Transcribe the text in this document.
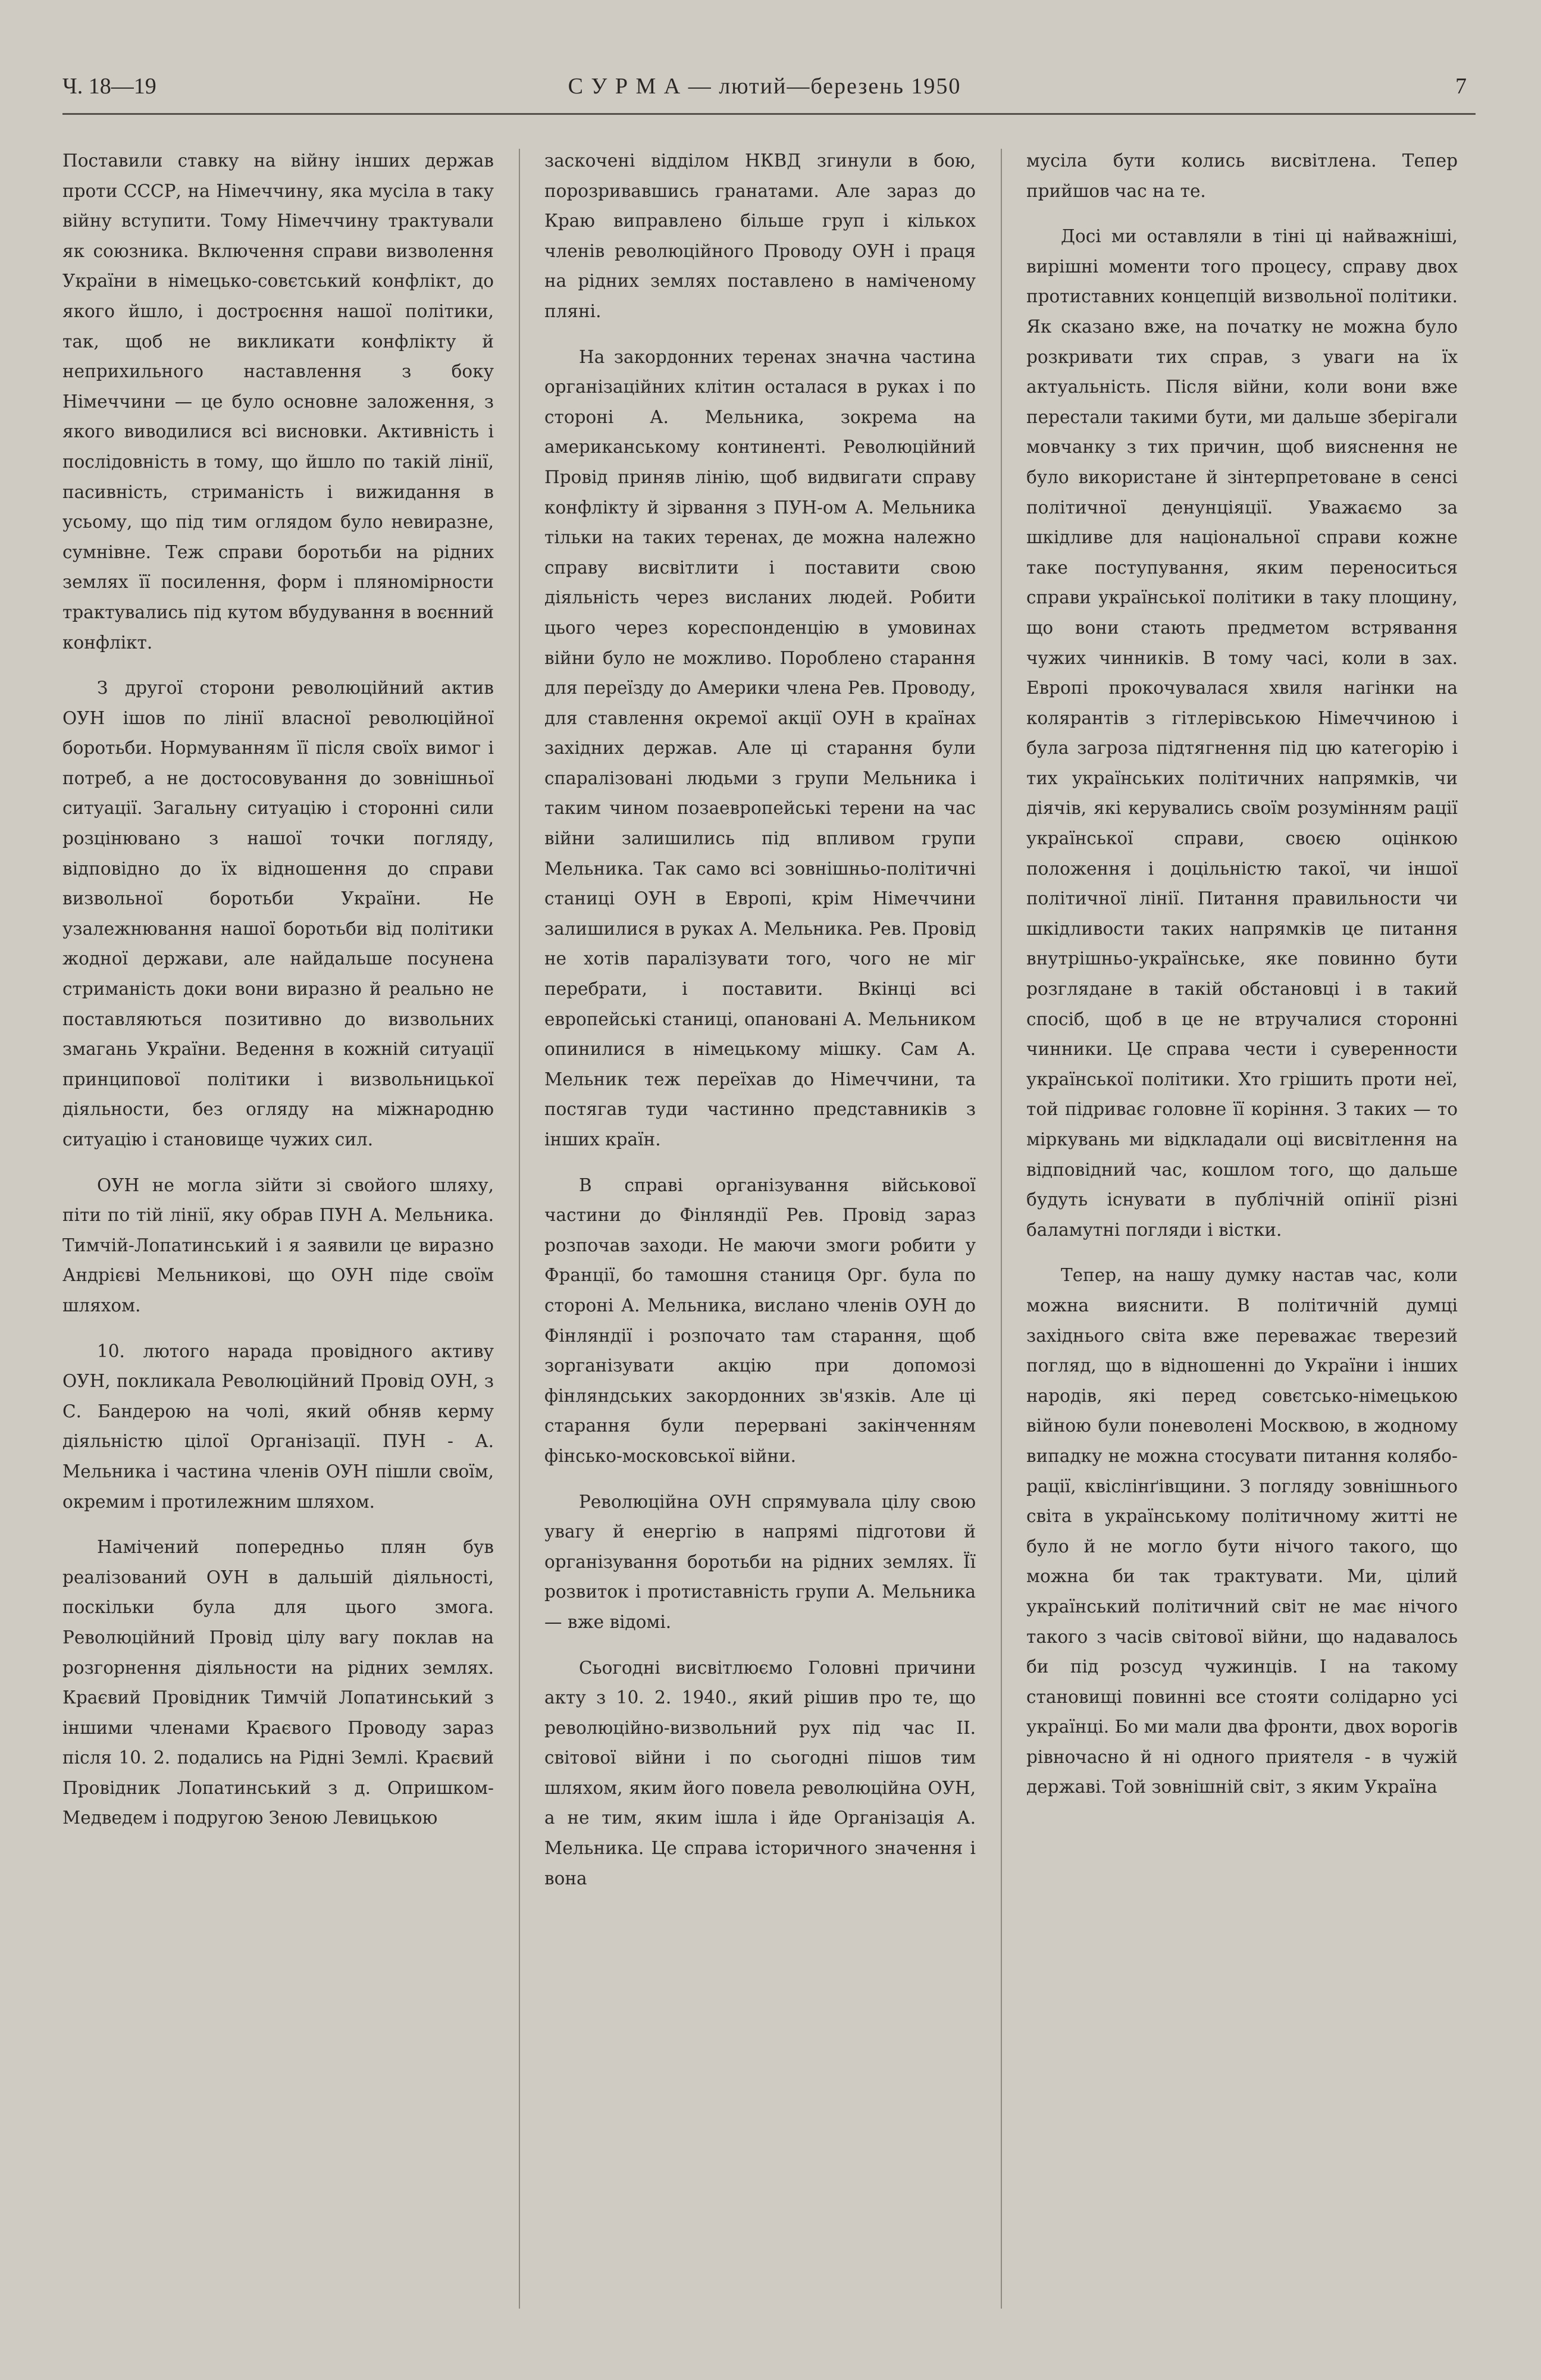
Ч. 18—19	С У Р М А — лютий—березень 1950	7

Поставили ставку на війну інших держав проти СССР, на Німеччину, яка мусіла в таку війну вступити. Тому Німеччину трактували як союзника. Включення справи визволення України в німецько-совєтський конфлікт, до якого йшло, і достроєння нашої політики, так, щоб не викликати конфлікту й неприхильного наставлення з боку Німеччини — це було основне заложення, з якого виводилися всі висновки. Активність і послідовність в тому, що йшло по такій лінії, пасивність, стриманість і вижидання в усьому, що під тим оглядом було невиразне, сумнівне. Теж справи боротьби на рідних землях її посилення, форм і пляномірности трактувались під кутом вбудування в воєнний конфлікт.

З другої сторони революційний актив ОУН ішов по лінії власної революційної боротьби. Нормуванням її після своїх вимог і потреб, а не достосовування до зовнішньої ситуації. Загальну ситуацію і сторонні сили розцінювано з нашої точки погляду, відповідно до їх відношення до справи визвольної боротьби України. Не узалежнювання нашої боротьби від політики жодної держави, але найдальше посунена стриманість доки вони виразно й реально не поставляються позитивно до визвольних змагань України. Ведення в кожній ситуації принципової політики і визвольницької діяльности, без огляду на міжнародню ситуацію і становище чужих сил.

ОУН не могла зійти зі свойого шляху, піти по тій лінії, яку обрав ПУН А. Мельника. Тимчій-Лопатинський і я заявили це виразно Андрієві Мельникові, що ОУН піде своїм шляхом.

10. лютого нарада провідного активу ОУН, покликала Революційний Провід ОУН, з С. Бандерою на чолі, який обняв керму діяльністю цілої Організації. ПУН - А. Мельника і частина членів ОУН пішли своїм, окремим і протилежним шляхом.

Намічений попередньо плян був реалізований ОУН в дальшій діяльності, поскільки була для цього змога. Революційний Провід цілу вагу поклав на розгорнення діяльности на рідних землях. Краєвий Провідник Тимчій Лопатинський з іншими членами Краєвого Проводу зараз після 10. 2. подались на Рідні Землі. Краєвий Провідник Лопатинський з д. Опришком-Медведем і подругою Зеною Левицькою

заскочені відділом НКВД згинули в бою, порозривавшись гранатами. Але зараз до Краю виправлено більше груп і кількох членів революційного Проводу ОУН і праця на рідних землях поставлено в наміченому пляні.

На закордонних теренах значна частина організаційних клітин осталася в руках і по стороні А. Мельника, зокрема на американському континенті. Революційний Провід приняв лінію, щоб видвигати справу конфлікту й зірвання з ПУН-ом А. Мельника тільки на таких теренах, де можна належно справу висвітлити і поставити свою діяльність через висланих людей. Робити цього через кореспонденцію в умовинах війни було не можливо. Пороблено старання для переїзду до Америки члена Рев. Проводу, для ставлення окремої акції ОУН в країнах західних держав. Але ці старання були спаралізовані людьми з групи Мельника і таким чином позаевропейські терени на час війни залишились під впливом групи Мельника. Так само всі зовнішньо-політичні станиці ОУН в Европі, крім Німеччини залишилися в руках А. Мельника. Рев. Провід не хотів паралізувати того, чого не міг перебрати, і поставити. Вкінці всі европейські станиці, опановані А. Мельником опинилися в німецькому мішку. Сам А. Мельник теж переїхав до Німеччини, та постягав туди частинно представників з інших країн.

В справі організування військової частини до Фінляндії Рев. Провід зараз розпочав заходи. Не маючи змоги робити у Франції, бо тамошня станиця Орг. була по стороні А. Мельника, вислано членів ОУН до Фінляндії і розпочато там старання, щоб зорганізувати акцію при допомозі фінляндських закордонних зв'язків. Але ці старання були перервані закінченням фінсько-московської війни.

Революційна ОУН спрямувала цілу свою увагу й енергію в напрямі підготови й організування боротьби на рідних землях. Її розвиток і протиставність групи А. Мельника — вже відомі.

Сьогодні висвітлюємо Головні причини акту з 10. 2. 1940., який рішив про те, що революційно-визвольний рух під час II. світової війни і по сьогодні пішов тим шляхом, яким його повела революційна ОУН, а не тим, яким ішла і йде Організація А. Мельника. Це справа історичного значення і вона

мусіла бути колись висвітлена. Тепер прийшов час на те.

Досі ми оставляли в тіні ці найважніші, вирішні моменти того процесу, справу двох протиставних концепцій визвольної політики. Як сказано вже, на початку не можна було розкривати тих справ, з уваги на їх актуальність. Після війни, коли вони вже перестали такими бути, ми дальше зберігали мовчанку з тих причин, щоб вияснення не було використане й зінтерпретоване в сенсі політичної денунціяції. Уважаємо за шкідливе для національної справи кожне таке поступування, яким переноситься справи української політики в таку площину, що вони стають предметом встрявання чужих чинників. В тому часі, коли в зах. Европі прокочувалася хвиля нагінки на колярантів з гітлерівською Німеччиною і була загроза підтягнення під цю категорію і тих українських політичних напрямків, чи діячів, які керувались своїм розумінням рації української справи, своєю оцінкою положення і доцільністю такої, чи іншої політичної лінії. Питання правильности чи шкідливости таких напрямків це питання внутрішньо-українське, яке повинно бути розглядане в такій обстановці і в такий спосіб, щоб в це не втручалися сторонні чинники. Це справа чести і суверенности української політики. Хто грішить проти неї, той підриває головне її коріння. З таких — то міркувань ми відкладали оці висвітлення на відповідний час, кошлом того, що дальше будуть існувати в публічній опінії різні баламутні погляди і вістки.

Тепер, на нашу думку настав час, коли можна вияснити. В політичній думці західнього світа вже переважає тверезий погляд, що в відношенні до України і інших народів, які перед совєтсько-німецькою війною були поневолені Москвою, в жодному випадку не можна стосувати питання колябо-рації, квіслінґівщини. З погляду зовнішнього світа в українському політичному житті не було й не могло бути нічого такого, що можна би так трактувати. Ми, цілий український політичний світ не має нічого такого з часів світової війни, що надавалось би під розсуд чужинців. І на такому становищі повинні все стояти солідарно усі українці. Бо ми мали два фронти, двох ворогів рівночасно й ні одного приятеля - в чужій державі. Той зовнішній світ, з яким Україна
